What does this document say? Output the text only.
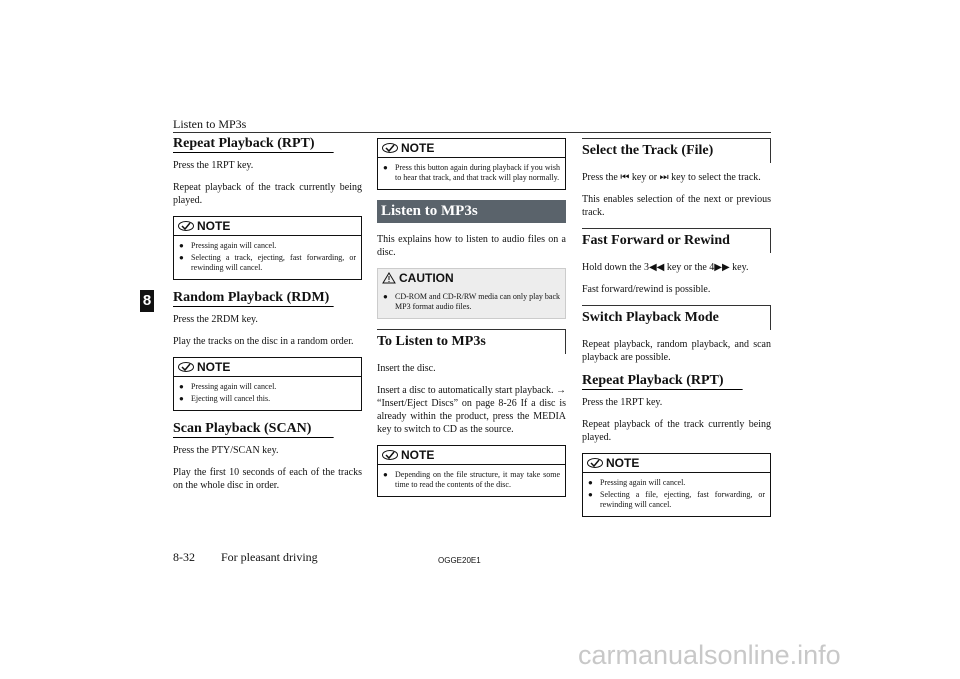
Listen to MP3s
8
Repeat Playback (RPT)

Press the 1RPT key.

Repeat playback of the track currently being played.

NOTE
● Pressing again will cancel.
● Selecting a track, ejecting, fast forwarding, or rewinding will cancel.
Random Playback (RDM)

Press the 2RDM key.

Play the tracks on the disc in a random order.

NOTE
● Pressing again will cancel.
● Ejecting will cancel this.
Scan Playback (SCAN)

Press the PTY/SCAN key.

Play the first 10 seconds of each of the tracks on the whole disc in order.

NOTE
● Press this button again during playback if you wish to hear that track, and that track will play normally.
Listen to MP3s

This explains how to listen to audio files on a disc.

CAUTION
● CD-ROM and CD-R/RW media can only play back MP3 format audio files.
To Listen to MP3s

Insert the disc.

Insert a disc to automatically start playback. → “Insert/Eject Discs” on page 8-26 If a disc is already within the product, press the MEDIA key to switch to CD as the source.

NOTE
● Depending on the file structure, it may take some time to read the contents of the disc.
Select the Track (File)

Press the ⏮ key or ⏭ key to select the track.

This enables selection of the next or previous track.

Fast Forward or Rewind

Hold down the 3◀◀ key or the 4▶▶ key.

Fast forward/rewind is possible.

Switch Playback Mode

Repeat playback, random playback, and scan playback are possible.

Repeat Playback (RPT)

Press the 1RPT key.

Repeat playback of the track currently being played.

NOTE
● Pressing again will cancel.
● Selecting a file, ejecting, fast forwarding, or rewinding will cancel.
8-32 For pleasant driving	OGGE20E1
carmanualsonline.info
